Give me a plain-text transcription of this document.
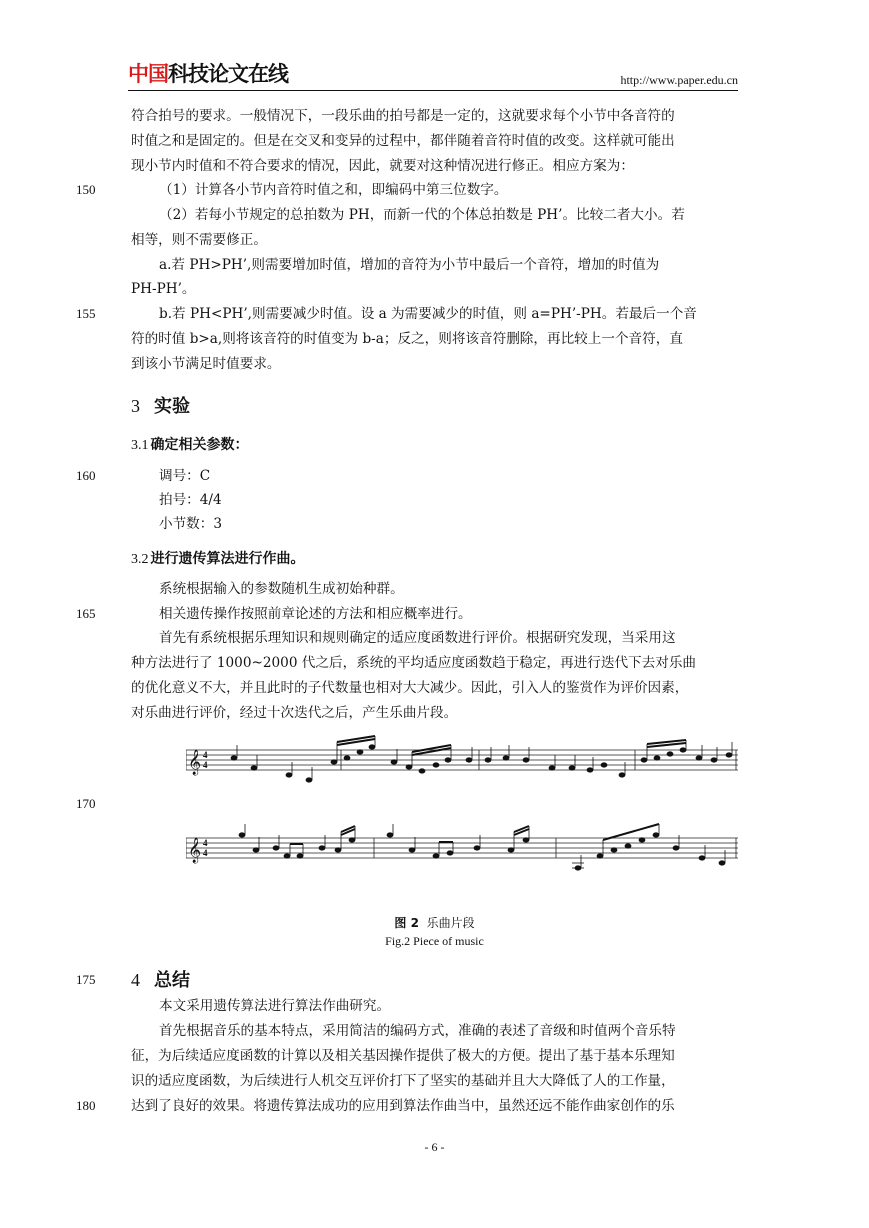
中国科技论文在线	http://www.paper.edu.cn
符合拍号的要求。一般情况下，一段乐曲的拍号都是一定的，这就要求每个小节中各音符的
时值之和是固定的。但是在交叉和变异的过程中，都伴随着音符时值的改变。这样就可能出
现小节内时值和不符合要求的情况，因此，就要对这种情况进行修正。相应方案为：
150	（1）计算各小节内音符时值之和，即编码中第三位数字。
（2）若每小节规定的总拍数为 PH，而新一代的个体总拍数是 PH’。比较二者大小。若
相等，则不需要修正。
a.若 PH>PH’,则需要增加时值，增加的音符为小节中最后一个音符，增加的时值为
PH-PH’。
155	b.若 PH<PH’,则需要减少时值。设 a 为需要减少的时值，则 a=PH’-PH。若最后一个音
符的时值 b>a,则将该音符的时值变为 b-a；反之，则将该音符删除，再比较上一个音符，直
到该小节满足时值要求。
3 实验
3.1 确定相关参数：
160	调号：C
拍号：4/4
小节数：3
3.2 进行遗传算法进行作曲。
系统根据输入的参数随机生成初始种群。
165	相关遗传操作按照前章论述的方法和相应概率进行。
首先有系统根据乐理知识和规则确定的适应度函数进行评价。根据研究发现，当采用这
种方法进行了 1000~2000 代之后，系统的平均适应度函数趋于稳定，再进行迭代下去对乐曲
的优化意义不大，并且此时的子代数量也相对大大减少。因此，引入人的鉴赏作为评价因素，
对乐曲进行评价，经过十次迭代之后，产生乐曲片段。
𝄞 4
4
170
𝄞 4
4
图 2 乐曲片段
Fig.2 Piece of music
175 4 总结
本文采用遗传算法进行算法作曲研究。
首先根据音乐的基本特点，采用简洁的编码方式，准确的表述了音级和时值两个音乐特
征，为后续适应度函数的计算以及相关基因操作提供了极大的方便。提出了基于基本乐理知
识的适应度函数，为后续进行人机交互评价打下了坚实的基础并且大大降低了人的工作量，
180	达到了良好的效果。将遗传算法成功的应用到算法作曲当中，虽然还远不能作曲家创作的乐
- 6 -
